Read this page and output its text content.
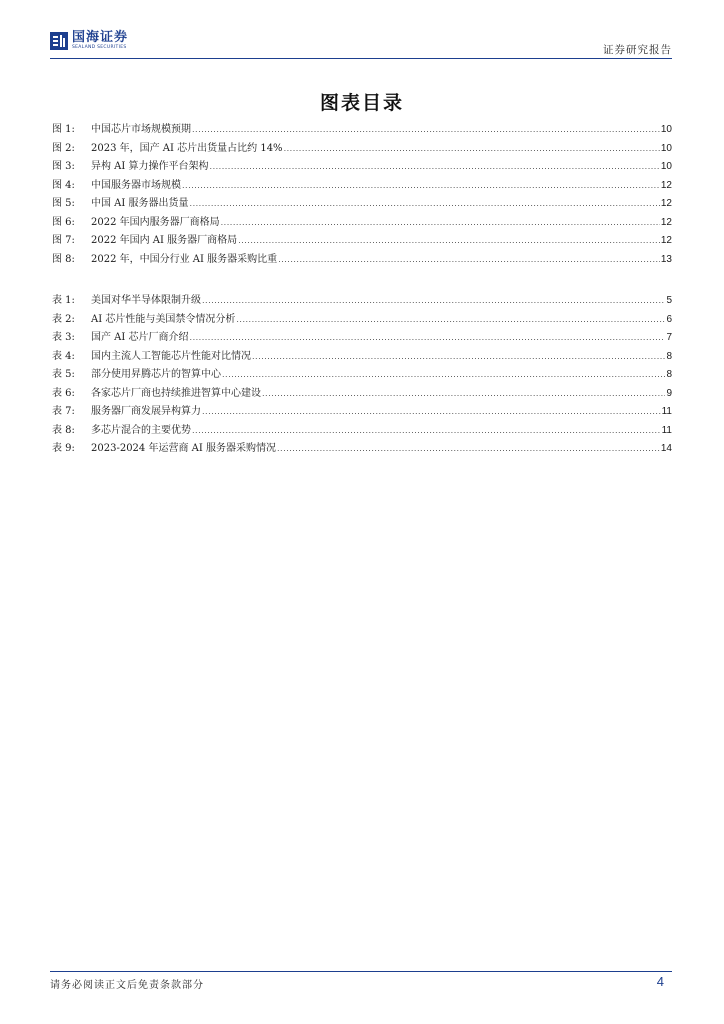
国海证券
SEALAND SECURITIES	证券研究报告
图表目录
图 1:	中国芯片市场规模预期 .....	10
图 2:	2023 年，国产 AI 芯片出货量占比约 14% .....	10
图 3:	异构 AI 算力操作平台架构 .....	10
图 4:	中国服务器市场规模 .....	12
图 5:	中国 AI 服务器出货量 .....	12
图 6:	2022 年国内服务器厂商格局 .....	12
图 7:	2022 年国内 AI 服务器厂商格局 .....	12
图 8:	2022 年，中国分行业 AI 服务器采购比重 .....	13
表 1:	美国对华半导体限制升级 .....	5
表 2:	AI 芯片性能与美国禁令情况分析 .....	6
表 3:	国产 AI 芯片厂商介绍 .....	7
表 4:	国内主流人工智能芯片性能对比情况 .....	8
表 5:	部分使用昇腾芯片的智算中心 .....	8
表 6:	各家芯片厂商也持续推进智算中心建设 .....	9
表 7:	服务器厂商发展异构算力 .....	11
表 8:	多芯片混合的主要优势 .....	11
表 9:	2023-2024 年运营商 AI 服务器采购情况 .....	14
请务必阅读正文后免责条款部分	4
